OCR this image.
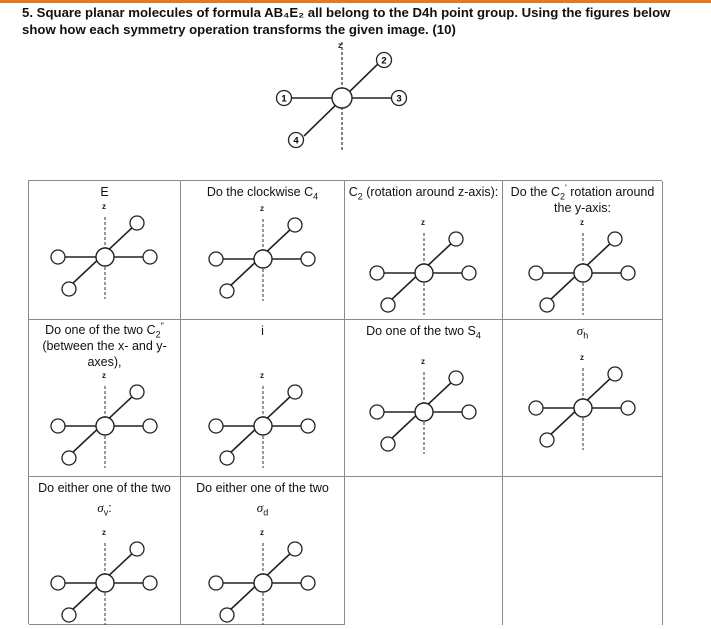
5. Square planar molecules of formula AB₄E₂ all belong to the D4h point group. Using the figures below show how each symmetry operation transforms the given image. (10)
z
1
2
3
4
E
z
Do the clockwise $C_4$
z
$C_2$ (rotation around z-axis):
z
Do the $C_2'$ rotation around the y-axis:
z
Do one of the two $C_2^"$ (between the x- and y-axes),
z
i
z
Do one of the two $S_4$
z
$\sigma_h$
z
Do either one of the two
$\sigma_v$:
z
Do either one of the two
$\sigma_d$
z
